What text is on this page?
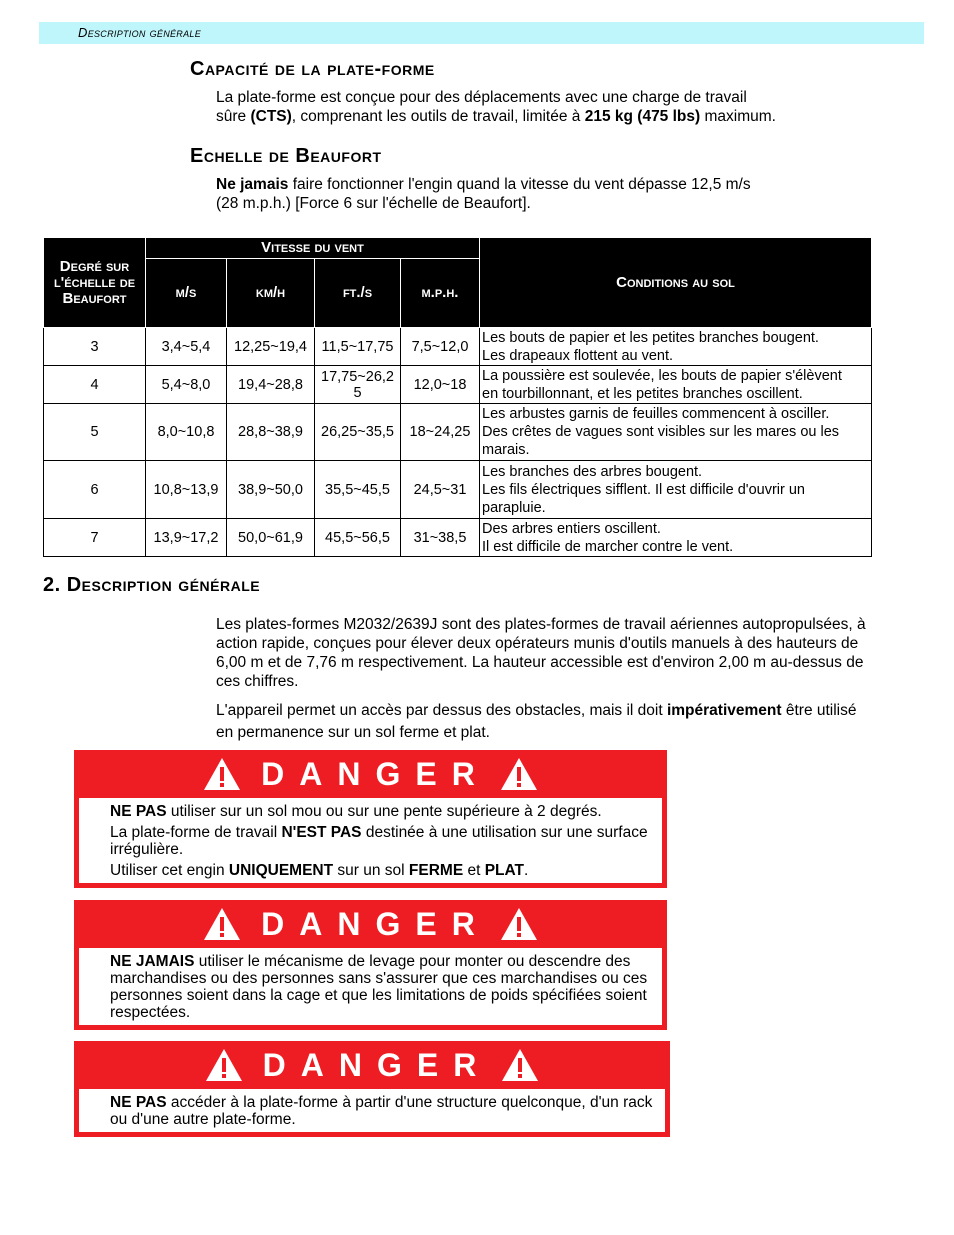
Description générale
Capacité de la plate-forme
La plate-forme est conçue pour des déplacements avec une charge de travail
sûre (CTS), comprenant les outils de travail, limitée à 215 kg (475 lbs) maximum.
Echelle de Beaufort
Ne jamais faire fonctionner l'engin quand la vitesse du vent dépasse 12,5 m/s
(28 m.p.h.) [Force 6 sur l'échelle de Beaufort].
Degré sur l'échelle de Beaufort	Vitesse du vent				Conditions au sol
	m/s	km/h	ft./s	m.p.h.	
3	3,4~5,4	12,25~19,4	11,5~17,75	7,5~12,0	Les bouts de papier et les petites branches bougent.
Les drapeaux flottent au vent.

4	5,4~8,0	19,4~28,8	17,75~26,25	12,0~18	La poussière est soulevée, les bouts de papier s'élèvent
en tourbillonnant, et les petites branches oscillent.

5	8,0~10,8	28,8~38,9	26,25~35,5	18~24,25	Les arbustes garnis de feuilles commencent à osciller.
Des crêtes de vagues sont visibles sur les mares ou les
marais.

6	10,8~13,9	38,9~50,0	35,5~45,5	24,5~31	Les branches des arbres bougent.
Les fils électriques sifflent. Il est difficile d'ouvrir un
parapluie.

7	13,9~17,2	50,0~61,9	45,5~56,5	31~38,5	Des arbres entiers oscillent.
Il est difficile de marcher contre le vent.
2. Description générale
Les plates-formes M2032/2639J sont des plates-formes de travail aériennes autopropulsées, à action rapide, conçues pour élever deux opérateurs munis d'outils manuels à des hauteurs de 6,00 m et de 7,76 m respectivement. La hauteur accessible est d'environ 2,00 m au-dessus de ces chiffres.
L'appareil permet un accès par dessus des obstacles, mais il doit impérativement être utilisé en permanence sur un sol ferme et plat.
DANGER

NE PAS utiliser sur un sol mou ou sur une pente supérieure à 2 degrés.

La plate-forme de travail N'EST PAS destinée à une utilisation sur une surface irrégulière.

Utiliser cet engin UNIQUEMENT sur un sol FERME et PLAT.

DANGER

NE JAMAIS utiliser le mécanisme de levage pour monter ou descendre des marchandises ou des personnes sans s'assurer que ces marchandises ou ces personnes soient dans la cage et que les limitations de poids spécifiées soient respectées.

DANGER

NE PAS accéder à la plate-forme à partir d'une structure quelconque, d'un rack ou d'une autre plate-forme.
